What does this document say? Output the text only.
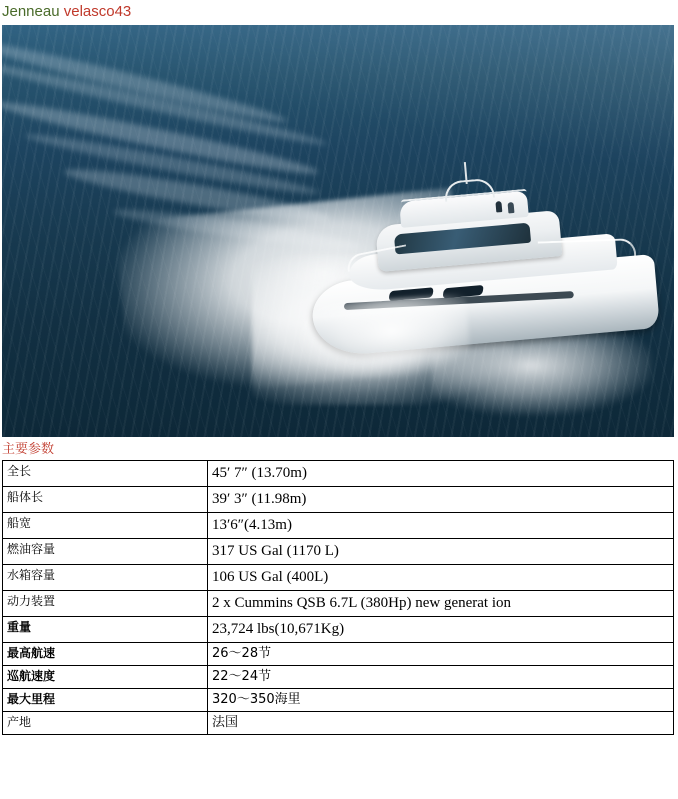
Jenneau velasco43
主要参数
全长	45′ 7″ (13.70m)
船体长	39′ 3″ (11.98m)
船宽	13′6″(4.13m)
燃油容量	317 US Gal (1170 L)
水箱容量	106 US Gal (400L)
动力装置	2 x Cummins QSB 6.7L (380Hp) new generat ion
重量	23,724 lbs(10,671Kg)
最高航速	26～28节
巡航速度	22～24节
最大里程	320～350海里
产地	法国
